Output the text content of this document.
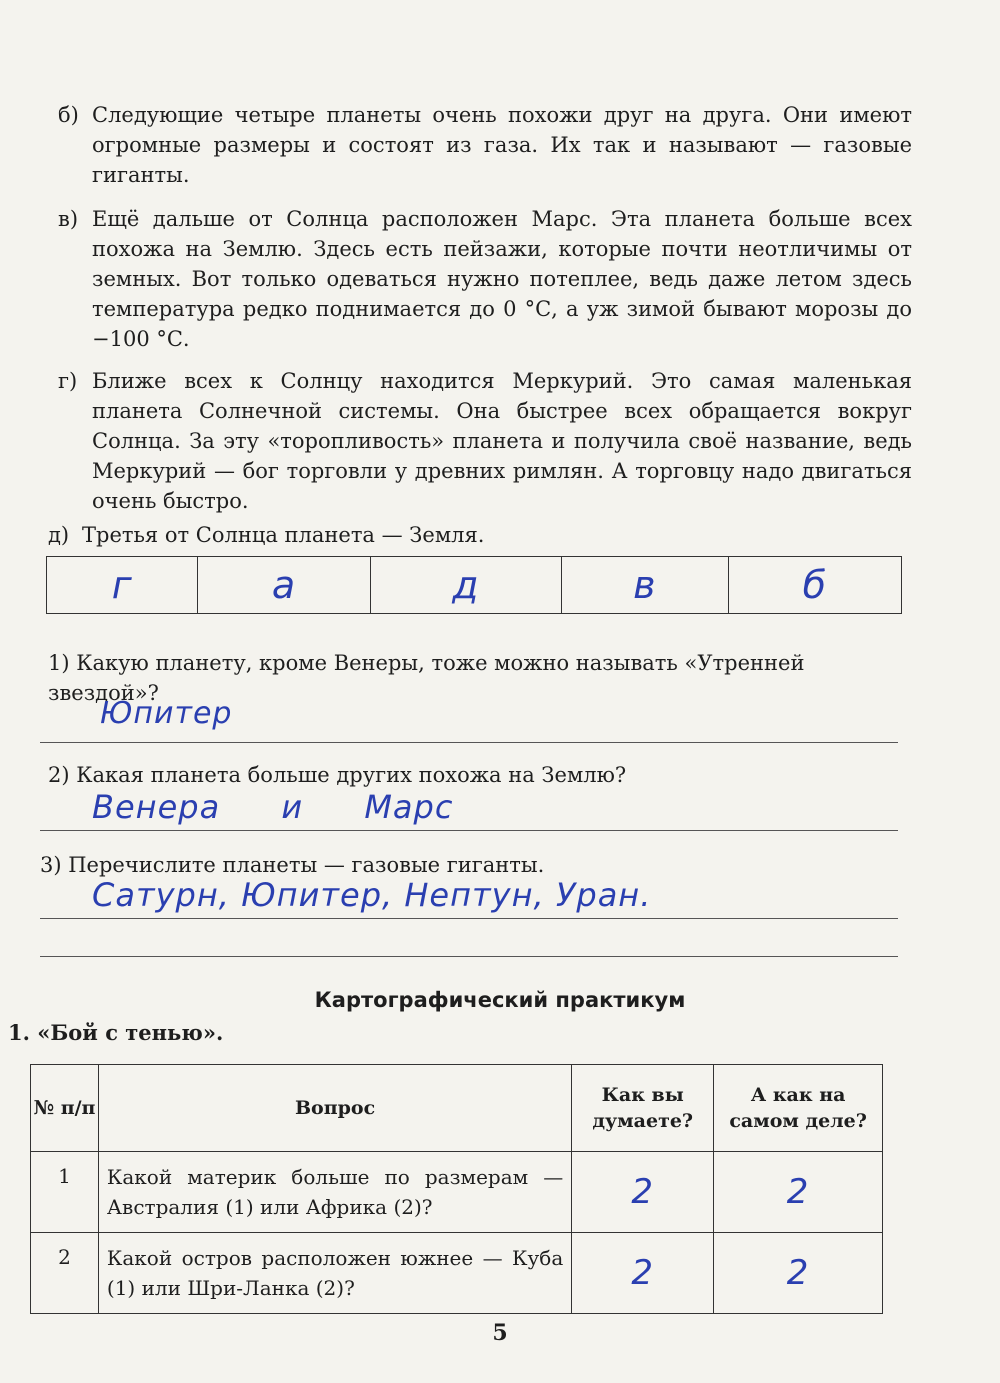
б) Следующие четыре планеты очень похожи друг на друга. Они имеют огромные размеры и состоят из газа. Их так и называют — газовые гиганты.
в) Ещё дальше от Солнца расположен Марс. Эта планета больше всех похожа на Землю. Здесь есть пейзажи, которые почти неотличимы от земных. Вот только одеваться нужно потеплее, ведь даже летом здесь температура редко поднимается до 0 °С, а уж зимой бывают морозы до −100 °С.
г) Ближе всех к Солнцу находится Меркурий. Это самая маленькая планета Солнечной системы. Она быстрее всех обращается вокруг Солнца. За эту «торопливость» планета и получила своё название, ведь Меркурий — бог торговли у древних римлян. А торговцу надо двигаться очень быстро.
д) Третья от Солнца планета — Земля.
г	а	д	в	б
1) Какую планету, кроме Венеры, тоже можно называть «Утренней звездой»?
Юпитер
2) Какая планета больше других похожа на Землю?
Венера и Марс
3) Перечислите планеты — газовые гиганты.
Сатурн, Юпитер, Нептун, Уран.
Картографический практикум
1. «Бой с тенью».
№ п/п	Вопрос	Как вы думаете?	А как на самом деле?
1	Какой материк больше по размерам — Австралия (1) или Африка (2)?	2	2
2	Какой остров расположен южнее — Куба (1) или Шри-Ланка (2)?	2	2
5
